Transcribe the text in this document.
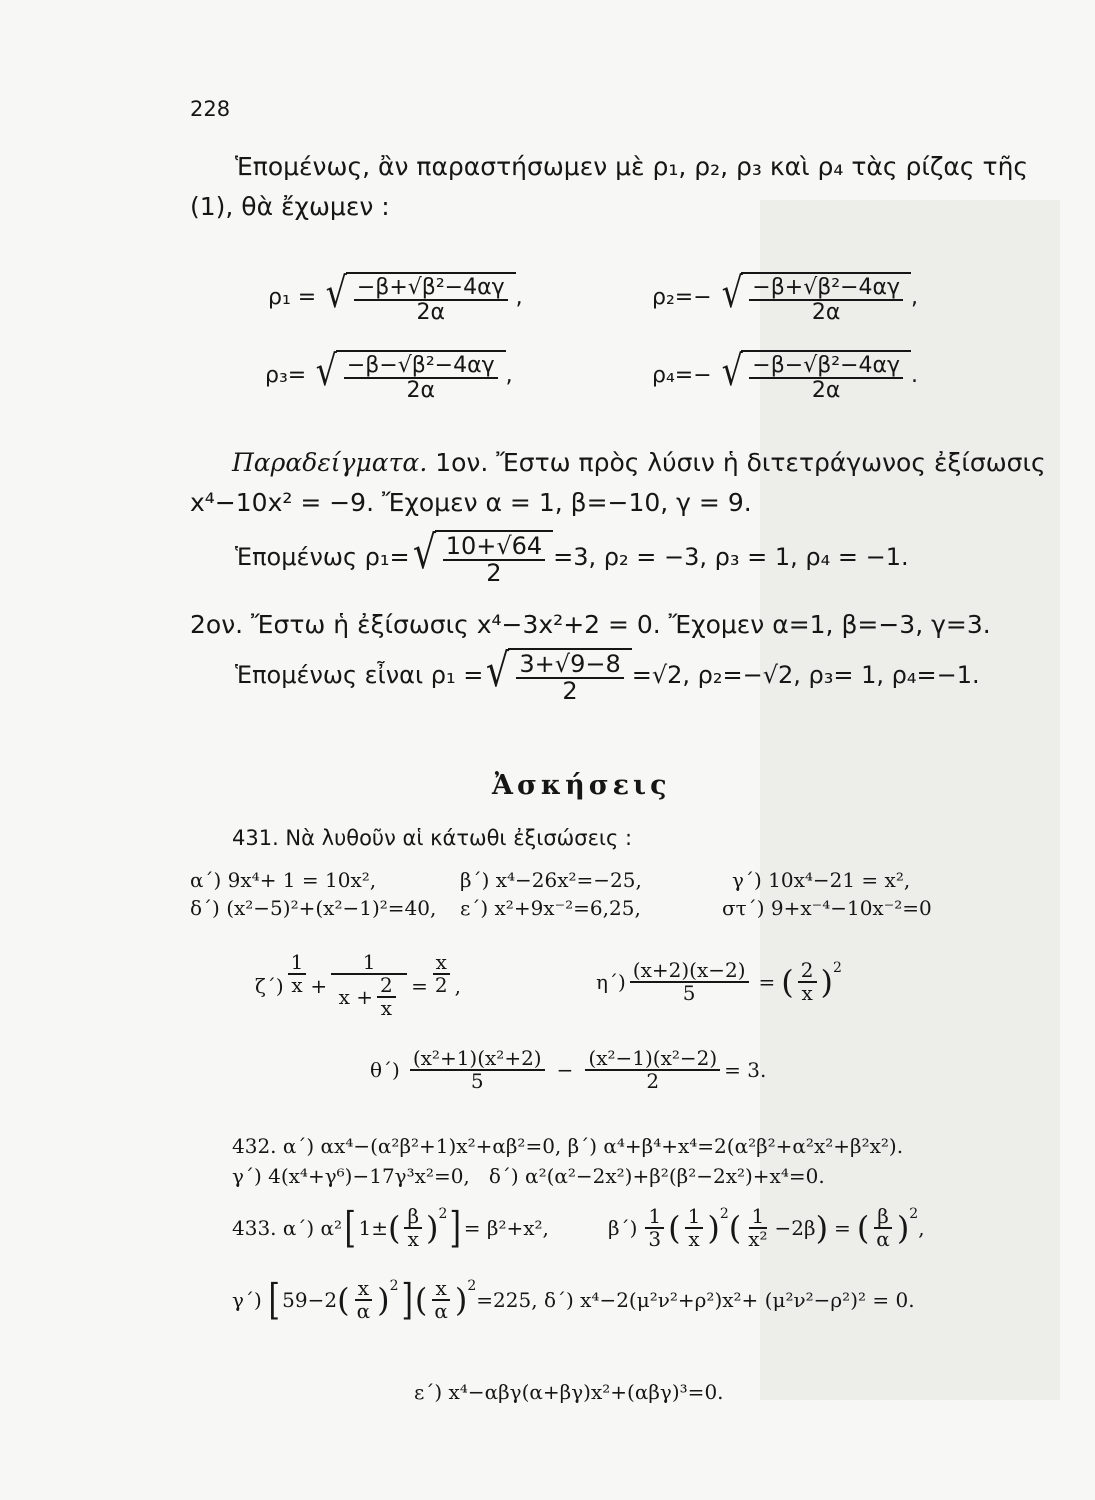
228
Ἑπομένως, ἂν παραστήσωμεν μὲ ρ₁, ρ₂, ρ₃ καὶ ρ₄ τὰς ρίζας τῆς
(1), θὰ ἔχωμεν :
ρ₁ = √ $\frac{\text{−β+√β²−4αγ}}{2\alpha}$ ,	ρ₂=− √ $\frac{\text{−β+√β²−4αγ}}{2\alpha}$ ,
ρ₃= √ $\frac{\text{−β−√β²−4αγ}}{2\alpha}$ ,	ρ₄=− √ $\frac{\text{−β−√β²−4αγ}}{2\alpha}$ .
Παραδείγματα. 1ον. Ἔστω πρὸς λύσιν ἡ διτετράγωνος ἐξίσωσις
x⁴−10x² = −9. Ἔχομεν α = 1, β=−10, γ = 9.
Ἑπομένως ρ₁= √ $\frac{10+√64}{2} =3$, ρ₂ = −3, ρ₃ = 1, ρ₄ = −1.
2ον. Ἔστω ἡ ἐξίσωσις x⁴−3x²+2 = 0. Ἔχομεν α=1, β=−3, γ=3.
Ἑπομένως εἶναι ρ₁ = √ $\frac{3+√9-8}{2} =√2$, ρ₂=−√2, ρ₃= 1, ρ₄=−1.
Ἀσκήσεις
431. Νὰ λυθοῦν αἱ κάτωθι ἐξισώσεις :
α΄) 9x⁴+ 1 = 10x²,	β΄) x⁴−26x²=−25,	γ΄) 10x⁴−21 = x²,
δ΄) (x²−5)²+(x²−1)²=40, ε΄) x²+9x⁻²=6,25,	στ΄) 9+x⁻⁴−10x⁻²=0
$\zeta΄) \frac{1}{x} + \frac{1}{x + \frac{2}{x}} = \frac{x}{2}$ ,	$\eta΄) \frac{(x+2)(x-2)}{5}$ = ( $\frac{2}{x} )^2$
$\theta΄) \frac{\text{(x²+1)(x²+2)}}{5} - \frac{\text{(x²−1)(x²−2)}}{2} = 3$.
432. α΄) αx⁴−(α²β²+1)x²+αβ²=0, β΄) α⁴+β⁴+x⁴=2(α²β²+α²x²+β²x²).
γ΄) 4(x⁴+γ⁶)−17γ³x²=0,   δ΄) α²(α²−2x²)+β²(β²−2x²)+x⁴=0.
433. α΄) α² [ 1± ( $\frac{\beta}{x} )^2$ ] = β²+x²,	$\beta΄) \frac{1}{3}$ ( $\frac{1}{x} )^2$ ( $\frac{1}{\text{x²}} -2\beta$ ) = ( $\frac{\beta}{\alpha} )^2$
,
γ΄) [ 59−2 ( $\frac{x}{\alpha} )^2$ ] ( $\frac{x}{\alpha} )^2$
=225, δ΄) x⁴−2(μ²ν²+ρ²)x²+ (μ²ν²−ρ²)² = 0.
ε΄) x⁴−αβγ(α+βγ)x²+(αβγ)³=0.
